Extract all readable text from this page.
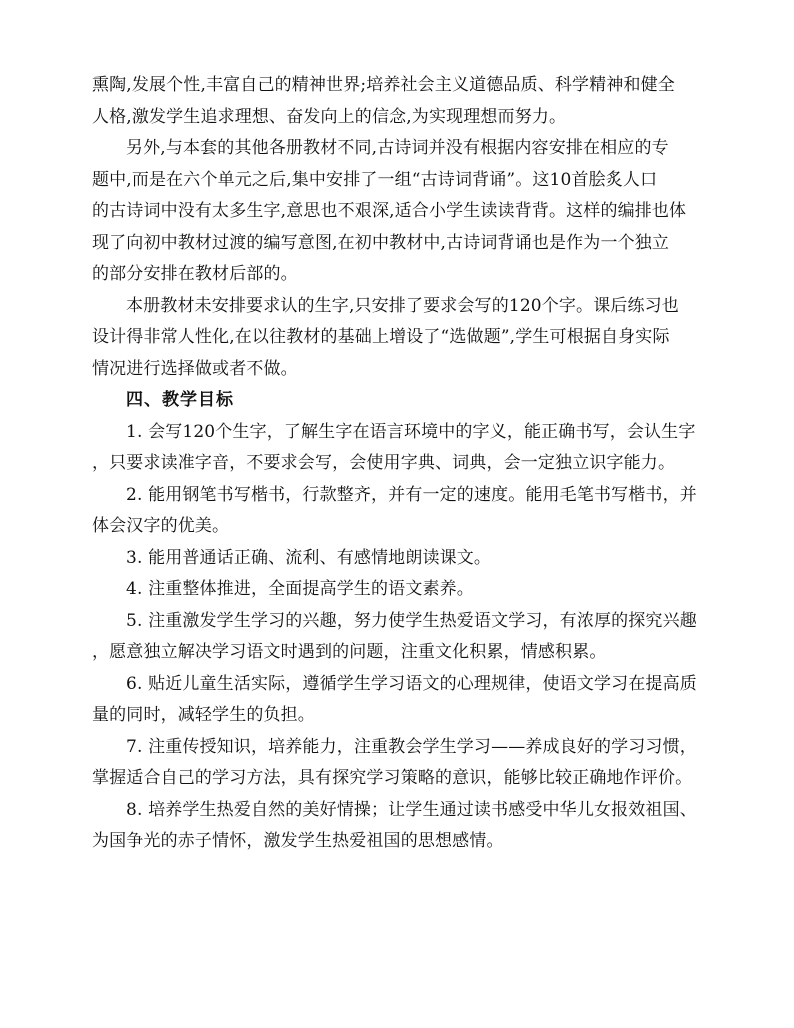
熏陶,发展个性,丰富自己的精神世界;培养社会主义道德品质、科学精神和健全
人格,激发学生追求理想、奋发向上的信念,为实现理想而努力。
另外,与本套的其他各册教材不同,古诗词并没有根据内容安排在相应的专
题中,而是在六个单元之后,集中安排了一组“古诗词背诵”。这10首脍炙人口
的古诗词中没有太多生字,意思也不艰深,适合小学生读读背背。这样的编排也体
现了向初中教材过渡的编写意图,在初中教材中,古诗词背诵也是作为一个独立
的部分安排在教材后部的。
本册教材未安排要求认的生字,只安排了要求会写的120个字。课后练习也
设计得非常人性化,在以往教材的基础上增设了“选做题”,学生可根据自身实际
情况进行选择做或者不做。
四、教学目标
1. 会写120个生字，了解生字在语言环境中的字义，能正确书写，会认生字
，只要求读准字音，不要求会写，会使用字典、词典，会一定独立识字能力。
2. 能用钢笔书写楷书，行款整齐，并有一定的速度。能用毛笔书写楷书，并
体会汉字的优美。
3. 能用普通话正确、流利、有感情地朗读课文。
4. 注重整体推进，全面提高学生的语文素养。
5. 注重激发学生学习的兴趣，努力使学生热爱语文学习，有浓厚的探究兴趣
，愿意独立解决学习语文时遇到的问题，注重文化积累，情感积累。
6. 贴近儿童生活实际，遵循学生学习语文的心理规律，使语文学习在提高质
量的同时，减轻学生的负担。
7. 注重传授知识，培养能力，注重教会学生学习——养成良好的学习习惯，
掌握适合自己的学习方法，具有探究学习策略的意识，能够比较正确地作评价。
8. 培养学生热爱自然的美好情操；让学生通过读书感受中华儿女报效祖国、
为国争光的赤子情怀，激发学生热爱祖国的思想感情。
